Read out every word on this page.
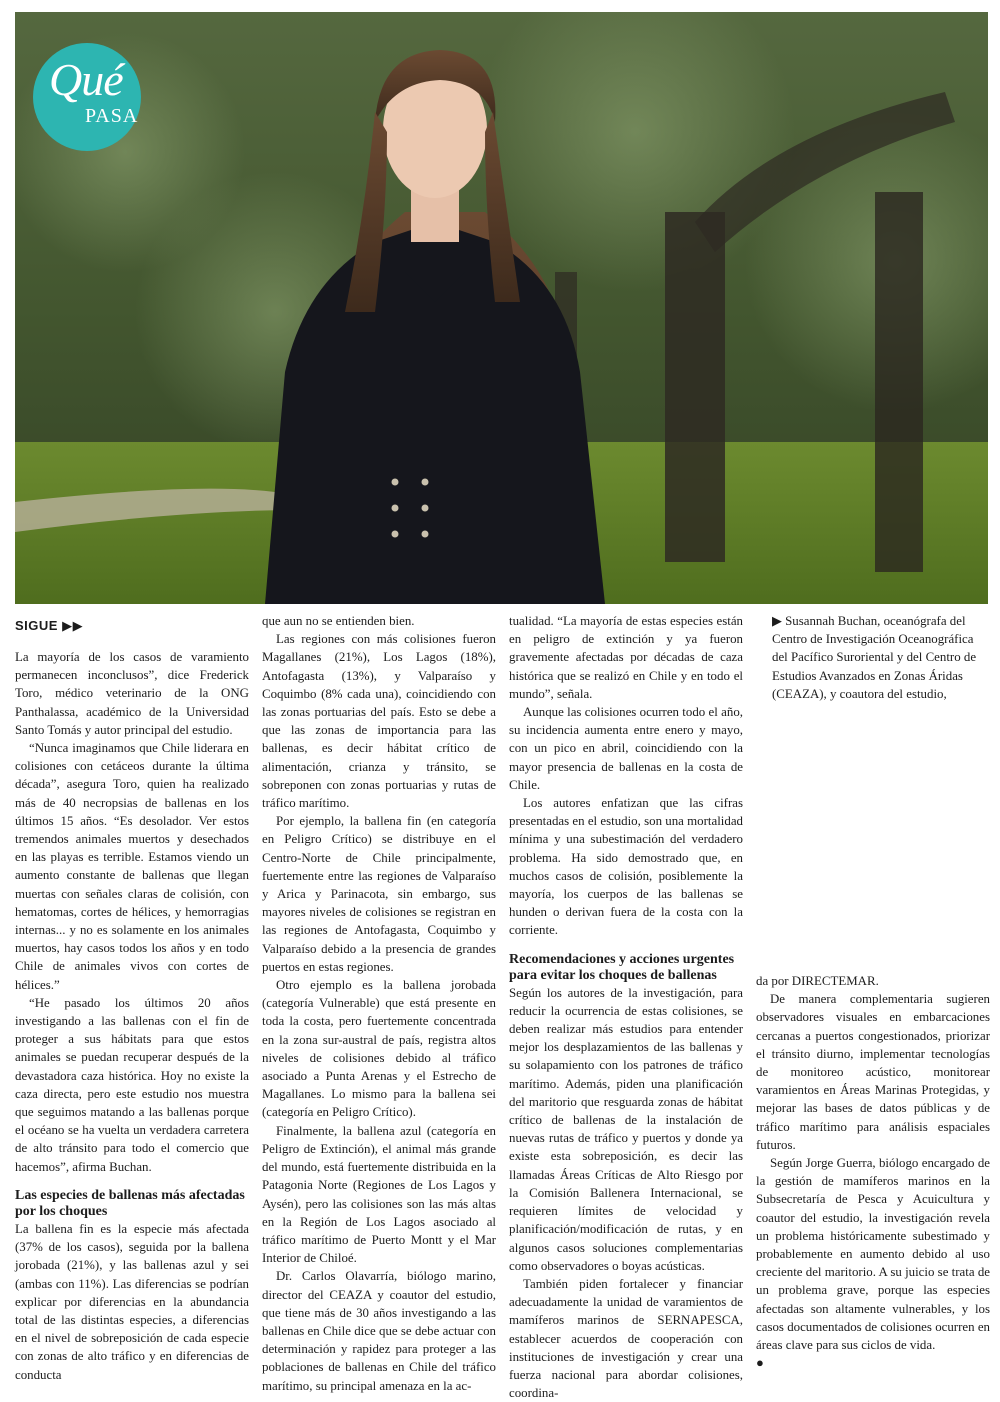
Qué
PASA
SIGUE ▶▶

La mayoría de los casos de varamiento permanecen inconclusos”, dice Frederick Toro, médico veterinario de la ONG Panthalassa, académico de la Universidad Santo Tomás y autor principal del estudio.

“Nunca imaginamos que Chile liderara en colisiones con cetáceos durante la última década”, asegura Toro, quien ha realizado más de 40 necropsias de ballenas en los últimos 15 años. “Es desolador. Ver estos tremendos animales muertos y desechados en las playas es terrible. Estamos viendo un aumento constante de ballenas que llegan muertas con señales claras de colisión, con hematomas, cortes de hélices, y hemorragias internas... y no es solamente en los animales muertos, hay casos todos los años y en todo Chile de animales vivos con cortes de hélices.”

“He pasado los últimos 20 años investigando a las ballenas con el fin de proteger a sus hábitats para que estos animales se puedan recuperar después de la devastadora caza histórica. Hoy no existe la caza directa, pero este estudio nos muestra que seguimos matando a las ballenas porque el océano se ha vuelta un verdadera carretera de alto tránsito para todo el comercio que hacemos”, afirma Buchan.

Las especies de ballenas más afectadas por los choques

La ballena fin es la especie más afectada (37% de los casos), seguida por la ballena jorobada (21%), y las ballenas azul y sei (ambas con 11%). Las diferencias se podrían explicar por diferencias en la abundancia total de las distintas especies, a diferencias en el nivel de sobreposición de cada especie con zonas de alto tráfico y en diferencias de conducta

que aun no se entienden bien.

Las regiones con más colisiones fueron Magallanes (21%), Los Lagos (18%), Antofagasta (13%), y Valparaíso y Coquimbo (8% cada una), coincidiendo con las zonas portuarias del país. Esto se debe a que las zonas de importancia para las ballenas, es decir hábitat crítico de alimentación, crianza y tránsito, se sobreponen con zonas portuarias y rutas de tráfico marítimo.

Por ejemplo, la ballena fin (en categoría en Peligro Crítico) se distribuye en el Centro-Norte de Chile principalmente, fuertemente entre las regiones de Valparaíso y Arica y Parinacota, sin embargo, sus mayores niveles de colisiones se registran en las regiones de Antofagasta, Coquimbo y Valparaíso debido a la presencia de grandes puertos en estas regiones.

Otro ejemplo es la ballena jorobada (categoría Vulnerable) que está presente en toda la costa, pero fuertemente concentrada en la zona sur-austral de país, registra altos niveles de colisiones debido al tráfico asociado a Punta Arenas y el Estrecho de Magallanes. Lo mismo para la ballena sei (categoría en Peligro Crítico).

Finalmente, la ballena azul (categoría en Peligro de Extinción), el animal más grande del mundo, está fuertemente distribuida en la Patagonia Norte (Regiones de Los Lagos y Aysén), pero las colisiones son las más altas en la Región de Los Lagos asociado al tráfico marítimo de Puerto Montt y el Mar Interior de Chiloé.

Dr. Carlos Olavarría, biólogo marino, director del CEAZA y coautor del estudio, que tiene más de 30 años investigando a las ballenas en Chile dice que se debe actuar con determinación y rapidez para proteger a las poblaciones de ballenas en Chile del tráfico marítimo, su principal amenaza en la ac-

tualidad. “La mayoría de estas especies están en peligro de extinción y ya fueron gravemente afectadas por décadas de caza histórica que se realizó en Chile y en todo el mundo”, señala.

Aunque las colisiones ocurren todo el año, su incidencia aumenta entre enero y mayo, con un pico en abril, coincidiendo con la mayor presencia de ballenas en la costa de Chile.

Los autores enfatizan que las cifras presentadas en el estudio, son una mortalidad mínima y una subestimación del verdadero problema. Ha sido demostrado que, en muchos casos de colisión, posiblemente la mayoría, los cuerpos de las ballenas se hunden o derivan fuera de la costa con la corriente.

Recomendaciones y acciones urgentes para evitar los choques de ballenas

Según los autores de la investigación, para reducir la ocurrencia de estas colisiones, se deben realizar más estudios para entender mejor los desplazamientos de las ballenas y su solapamiento con los patrones de tráfico marítimo. Además, piden una planificación del maritorio que resguarda zonas de hábitat crítico de ballenas de la instalación de nuevas rutas de tráfico y puertos y donde ya existe esta sobreposición, es decir las llamadas Áreas Críticas de Alto Riesgo por la Comisión Ballenera Internacional, se requieren límites de velocidad y planificación/modificación de rutas, y en algunos casos soluciones complementarias como observadores o boyas acústicas.

También piden fortalecer y financiar adecuadamente la unidad de varamientos de mamíferos marinos de SERNAPESCA, establecer acuerdos de cooperación con instituciones de investigación y crear una fuerza nacional para abordar colisiones, coordina-

▶ Susannah Buchan, oceanógrafa del Centro de Investigación Oceanográfica del Pacífico Suroriental y del Centro de Estudios Avanzados en Zonas Áridas (CEAZA), y coautora del estudio,

da por DIRECTEMAR.

De manera complementaria sugieren observadores visuales en embarcaciones cercanas a puertos congestionados, priorizar el tránsito diurno, implementar tecnologías de monitoreo acústico, monitorear varamientos en Áreas Marinas Protegidas, y mejorar las bases de datos públicas y de tráfico marítimo para análisis espaciales futuros.

Según Jorge Guerra, biólogo encargado de la gestión de mamíferos marinos en la Subsecretaría de Pesca y Acuicultura y coautor del estudio, la investigación revela un problema históricamente subestimado y probablemente en aumento debido al uso creciente del maritorio. A su juicio se trata de un problema grave, porque las especies afectadas son altamente vulnerables, y los casos documentados de colisiones ocurren en áreas clave para sus ciclos de vida.

●
